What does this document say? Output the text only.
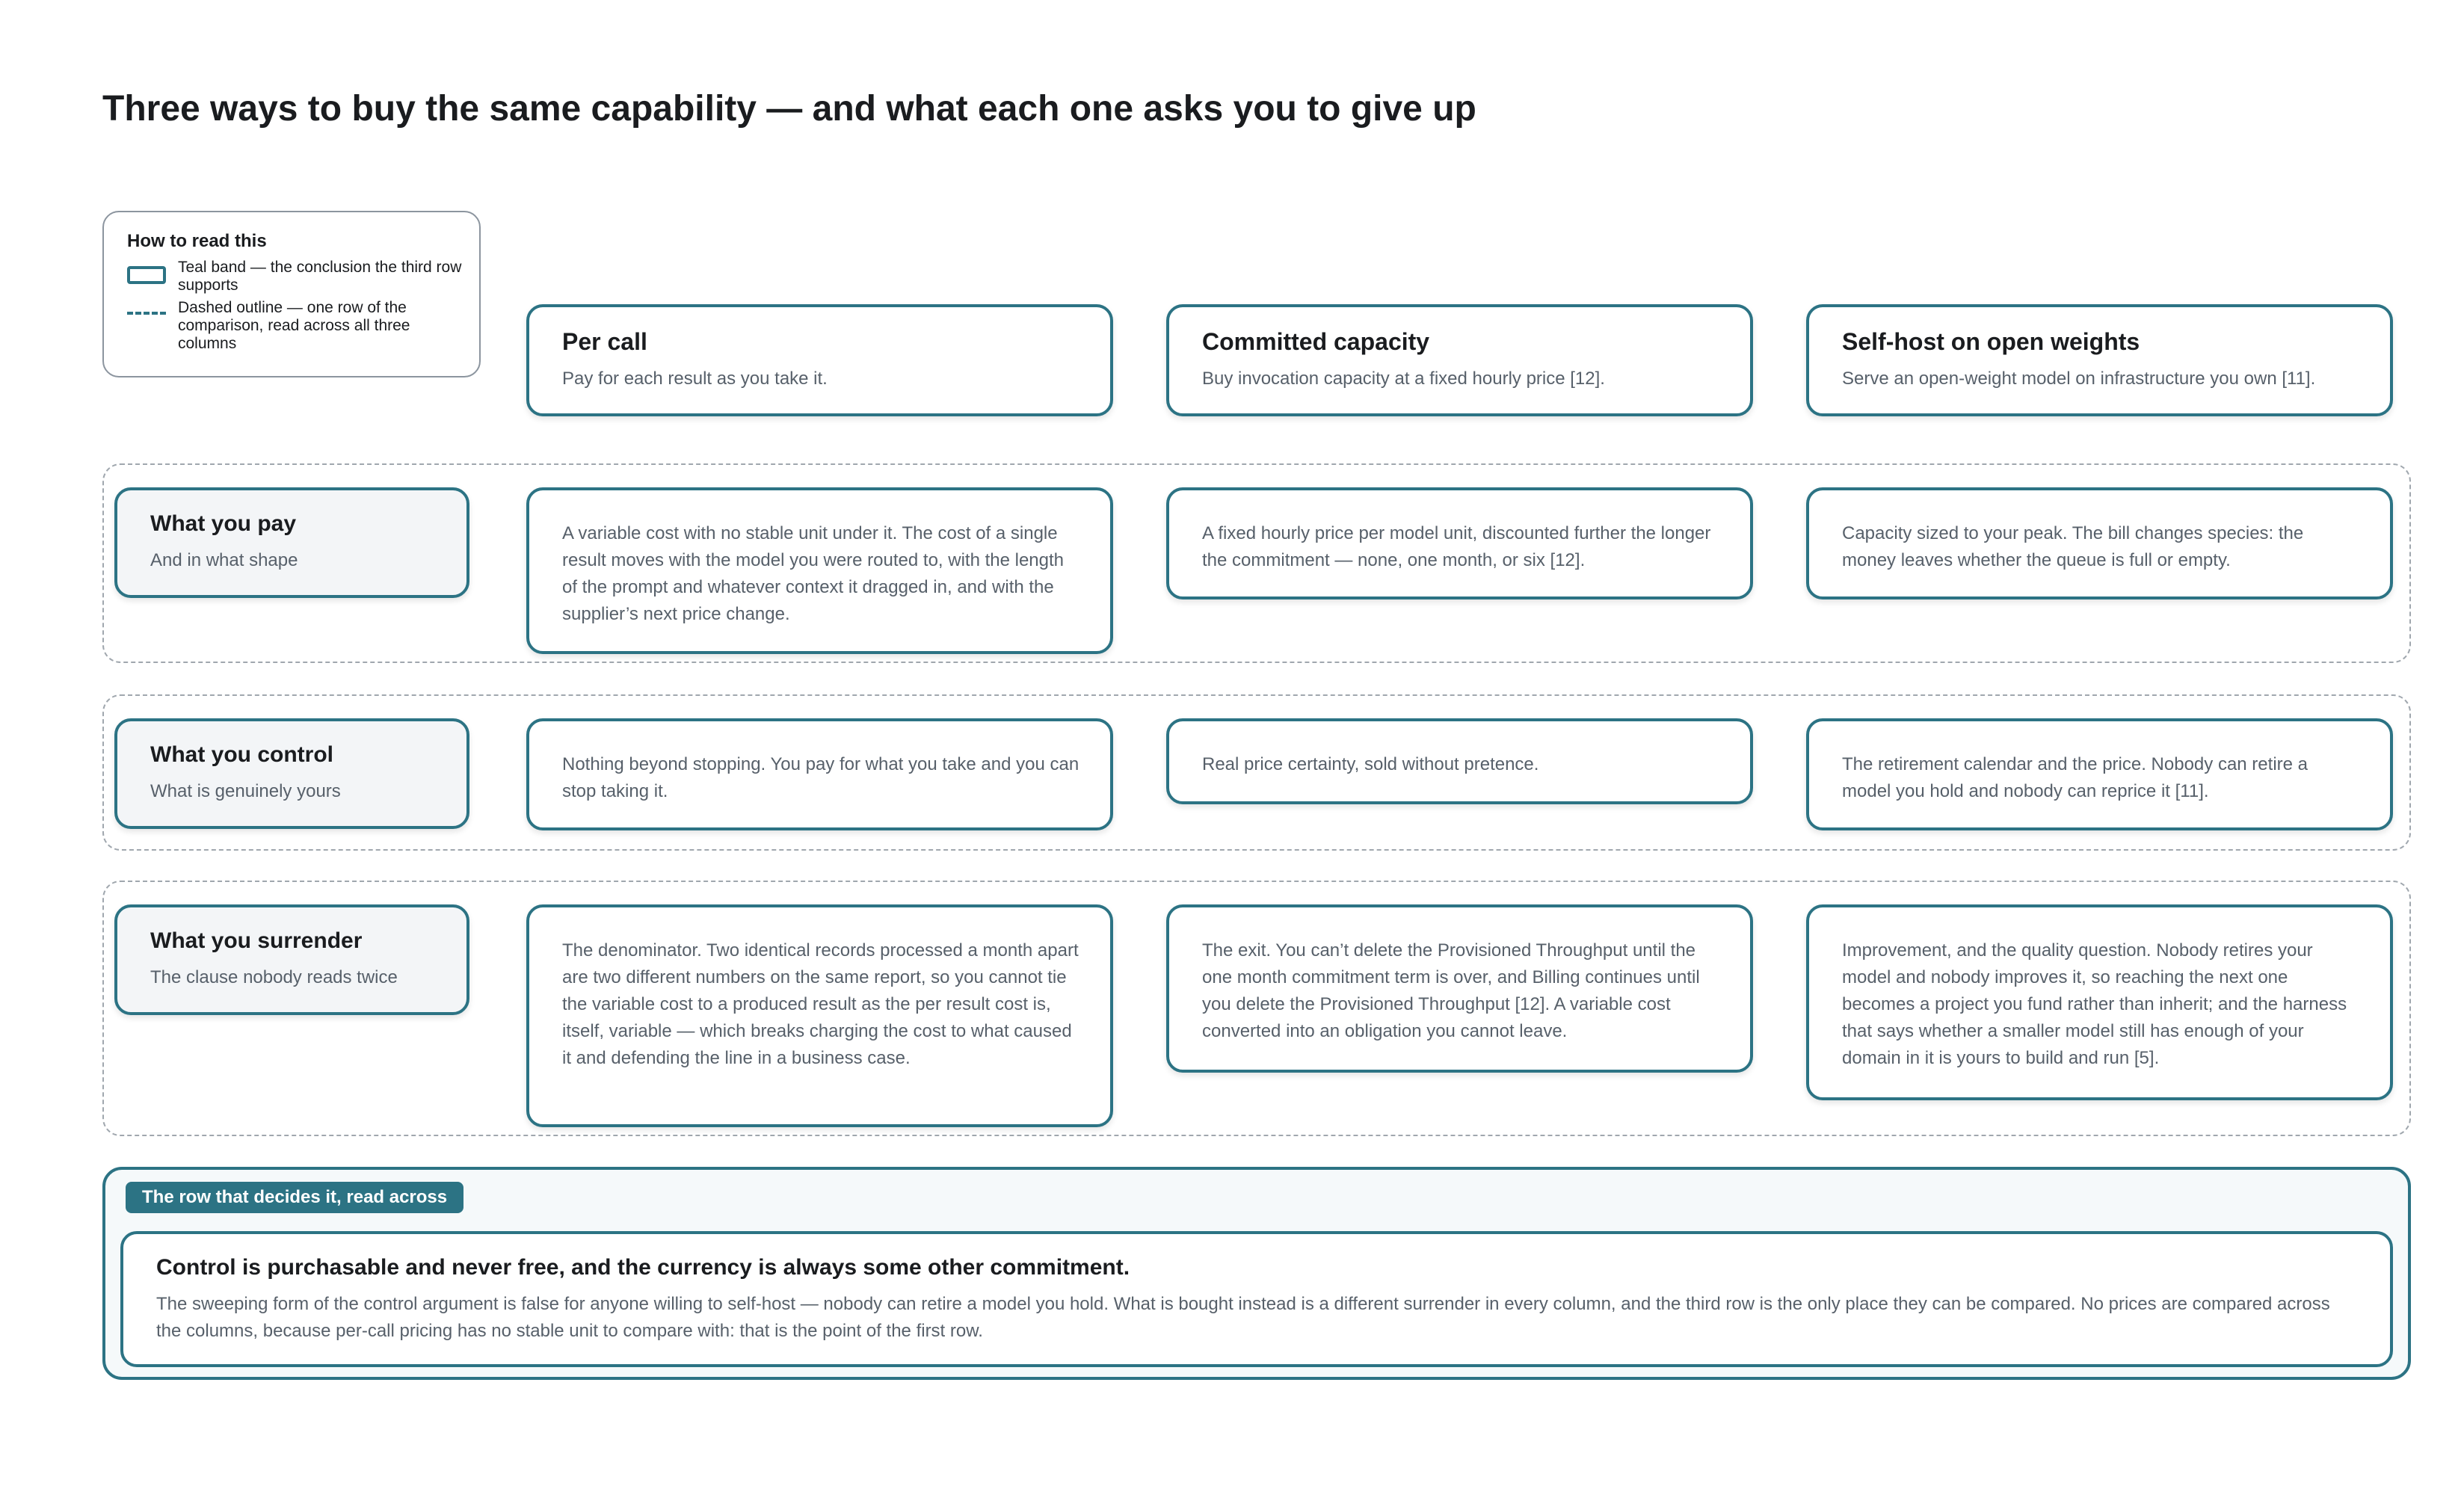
Three ways to buy the same capability — and what each one asks you to give up
How to read this
Teal band — the conclusion the third row supports
Dashed outline — one row of the comparison, read across all three columns	Per call

Pay for each result as you take it.

Committed capacity

Buy invocation capacity at a fixed hourly price [12].

Self-host on open weights

Serve an open-weight model on infrastructure you own [11].

What you pay

And in what shape

A variable cost with no stable unit under it. The cost of a single result moves with the model you were routed to, with the length of the prompt and whatever context it dragged in, and with the supplier’s next price change.

A fixed hourly price per model unit, discounted further the longer the commitment — none, one month, or six [12].

Capacity sized to your peak. The bill changes species: the money leaves whether the queue is full or empty.

What you control

What is genuinely yours

Nothing beyond stopping. You pay for what you take and you can stop taking it.

Real price certainty, sold without pretence.	The retirement calendar and the price. Nobody can retire a model you hold and nobody can reprice it [11].

What you surrender

The clause nobody reads twice

The denominator. Two identical records processed a month apart are two different numbers on the same report, so you cannot tie the variable cost to a produced result as the per result cost is, itself, variable — which breaks charging the cost to what caused it and defending the line in a business case.

The exit. You can’t delete the Provisioned Throughput until the one month commitment term is over, and Billing continues until you delete the Provisioned Throughput [12]. A variable cost converted into an obligation you cannot leave.

Improvement, and the quality question. Nobody retires your model and nobody improves it, so reaching the next one becomes a project you fund rather than inherit; and the harness that says whether a smaller model still has enough of your domain in it is yours to build and run [5].

The row that decides it, read across
Control is purchasable and never free, and the currency is always some other commitment.

The sweeping form of the control argument is false for anyone willing to self-host — nobody can retire a model you hold. What is bought instead is a different surrender in every column, and the third row is the only place they can be compared. No prices are compared across the columns, because per-call pricing has no stable unit to compare with: that is the point of the first row.
